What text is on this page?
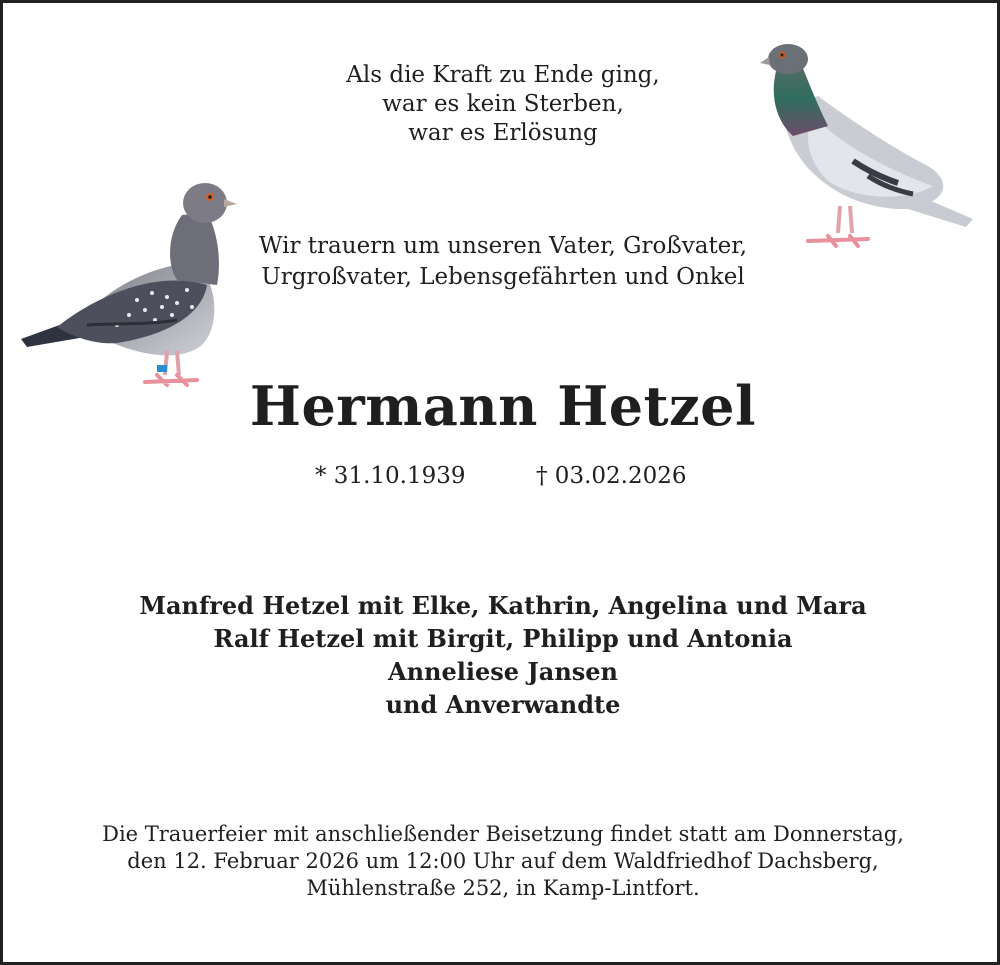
Als die Kraft zu Ende ging,
war es kein Sterben,
war es Erlösung
Wir trauern um unseren Vater, Großvater,
Urgroßvater, Lebensgefährten und Onkel
Hermann Hetzel
* 31.10.1939	† 03.02.2026
Manfred Hetzel mit Elke, Kathrin, Angelina und Mara
Ralf Hetzel mit Birgit, Philipp und Antonia
Anneliese Jansen
und Anverwandte
Die Trauerfeier mit anschließender Beisetzung findet statt am Donnerstag,
den 12. Februar 2026 um 12:00 Uhr auf dem Waldfriedhof Dachsberg,
Mühlenstraße 252, in Kamp-Lintfort.
